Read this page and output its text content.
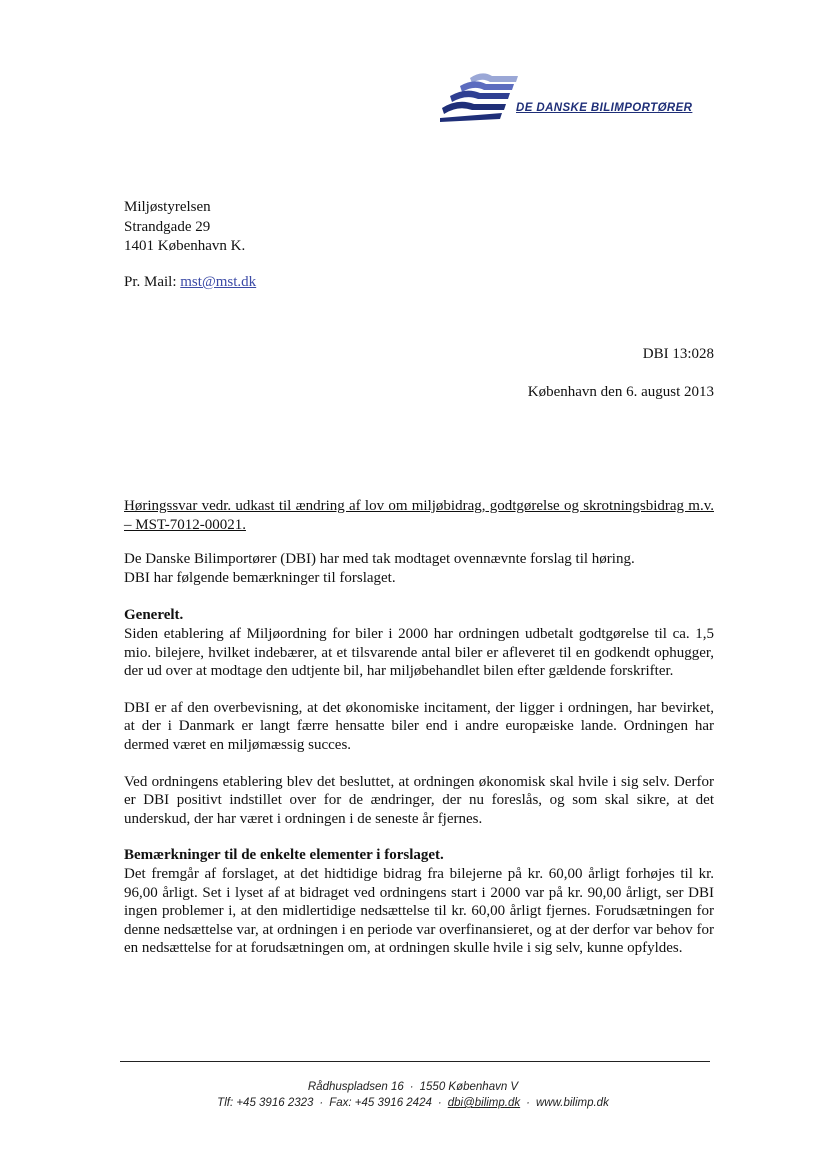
DE DANSKE BILIMPORTØRER
Miljøstyrelsen
Strandgade 29
1401 København K.
Pr. Mail: mst@mst.dk
DBI 13:028
København den 6. august 2013

Høringssvar vedr. udkast til ændring af lov om miljøbidrag, godtgørelse og skrotningsbidrag m.v. – MST-7012-00021.

De Danske Bilimportører (DBI) har med tak modtaget ovennævnte forslag til høring.
DBI har følgende bemærkninger til forslaget.

Generelt.

Siden etablering af Miljøordning for biler i 2000 har ordningen udbetalt godtgørelse til ca. 1,5 mio. bilejere, hvilket indebærer, at et tilsvarende antal biler er afleveret til en godkendt ophugger, der ud over at modtage den udtjente bil, har miljøbehandlet bilen efter gældende forskrifter.

DBI er af den overbevisning, at det økonomiske incitament, der ligger i ordningen, har bevirket, at der i Danmark er langt færre hensatte biler end i andre europæiske lande. Ordningen har dermed været en miljømæssig succes.

Ved ordningens etablering blev det besluttet, at ordningen økonomisk skal hvile i sig selv. Derfor er DBI positivt indstillet over for de ændringer, der nu foreslås, og som skal sikre, at det underskud, der har været i ordningen i de seneste år fjernes.

Bemærkninger til de enkelte elementer i forslaget.

Det fremgår af forslaget, at det hidtidige bidrag fra bilejerne på kr. 60,00 årligt forhøjes til kr. 96,00 årligt. Set i lyset af at bidraget ved ordningens start i 2000 var på kr. 90,00 årligt, ser DBI ingen problemer i, at den midlertidige nedsættelse til kr. 60,00 årligt fjernes. Forudsætningen for denne nedsættelse var, at ordningen i en periode var overfinansieret, og at der derfor var behov for en nedsættelse for at forudsætningen om, at ordningen skulle hvile i sig selv, kunne opfyldes.

Rådhuspladsen 16 · 1550 København V
Tlf: +45 3916 2323 · Fax: +45 3916 2424 · dbi@bilimp.dk · www.bilimp.dk
